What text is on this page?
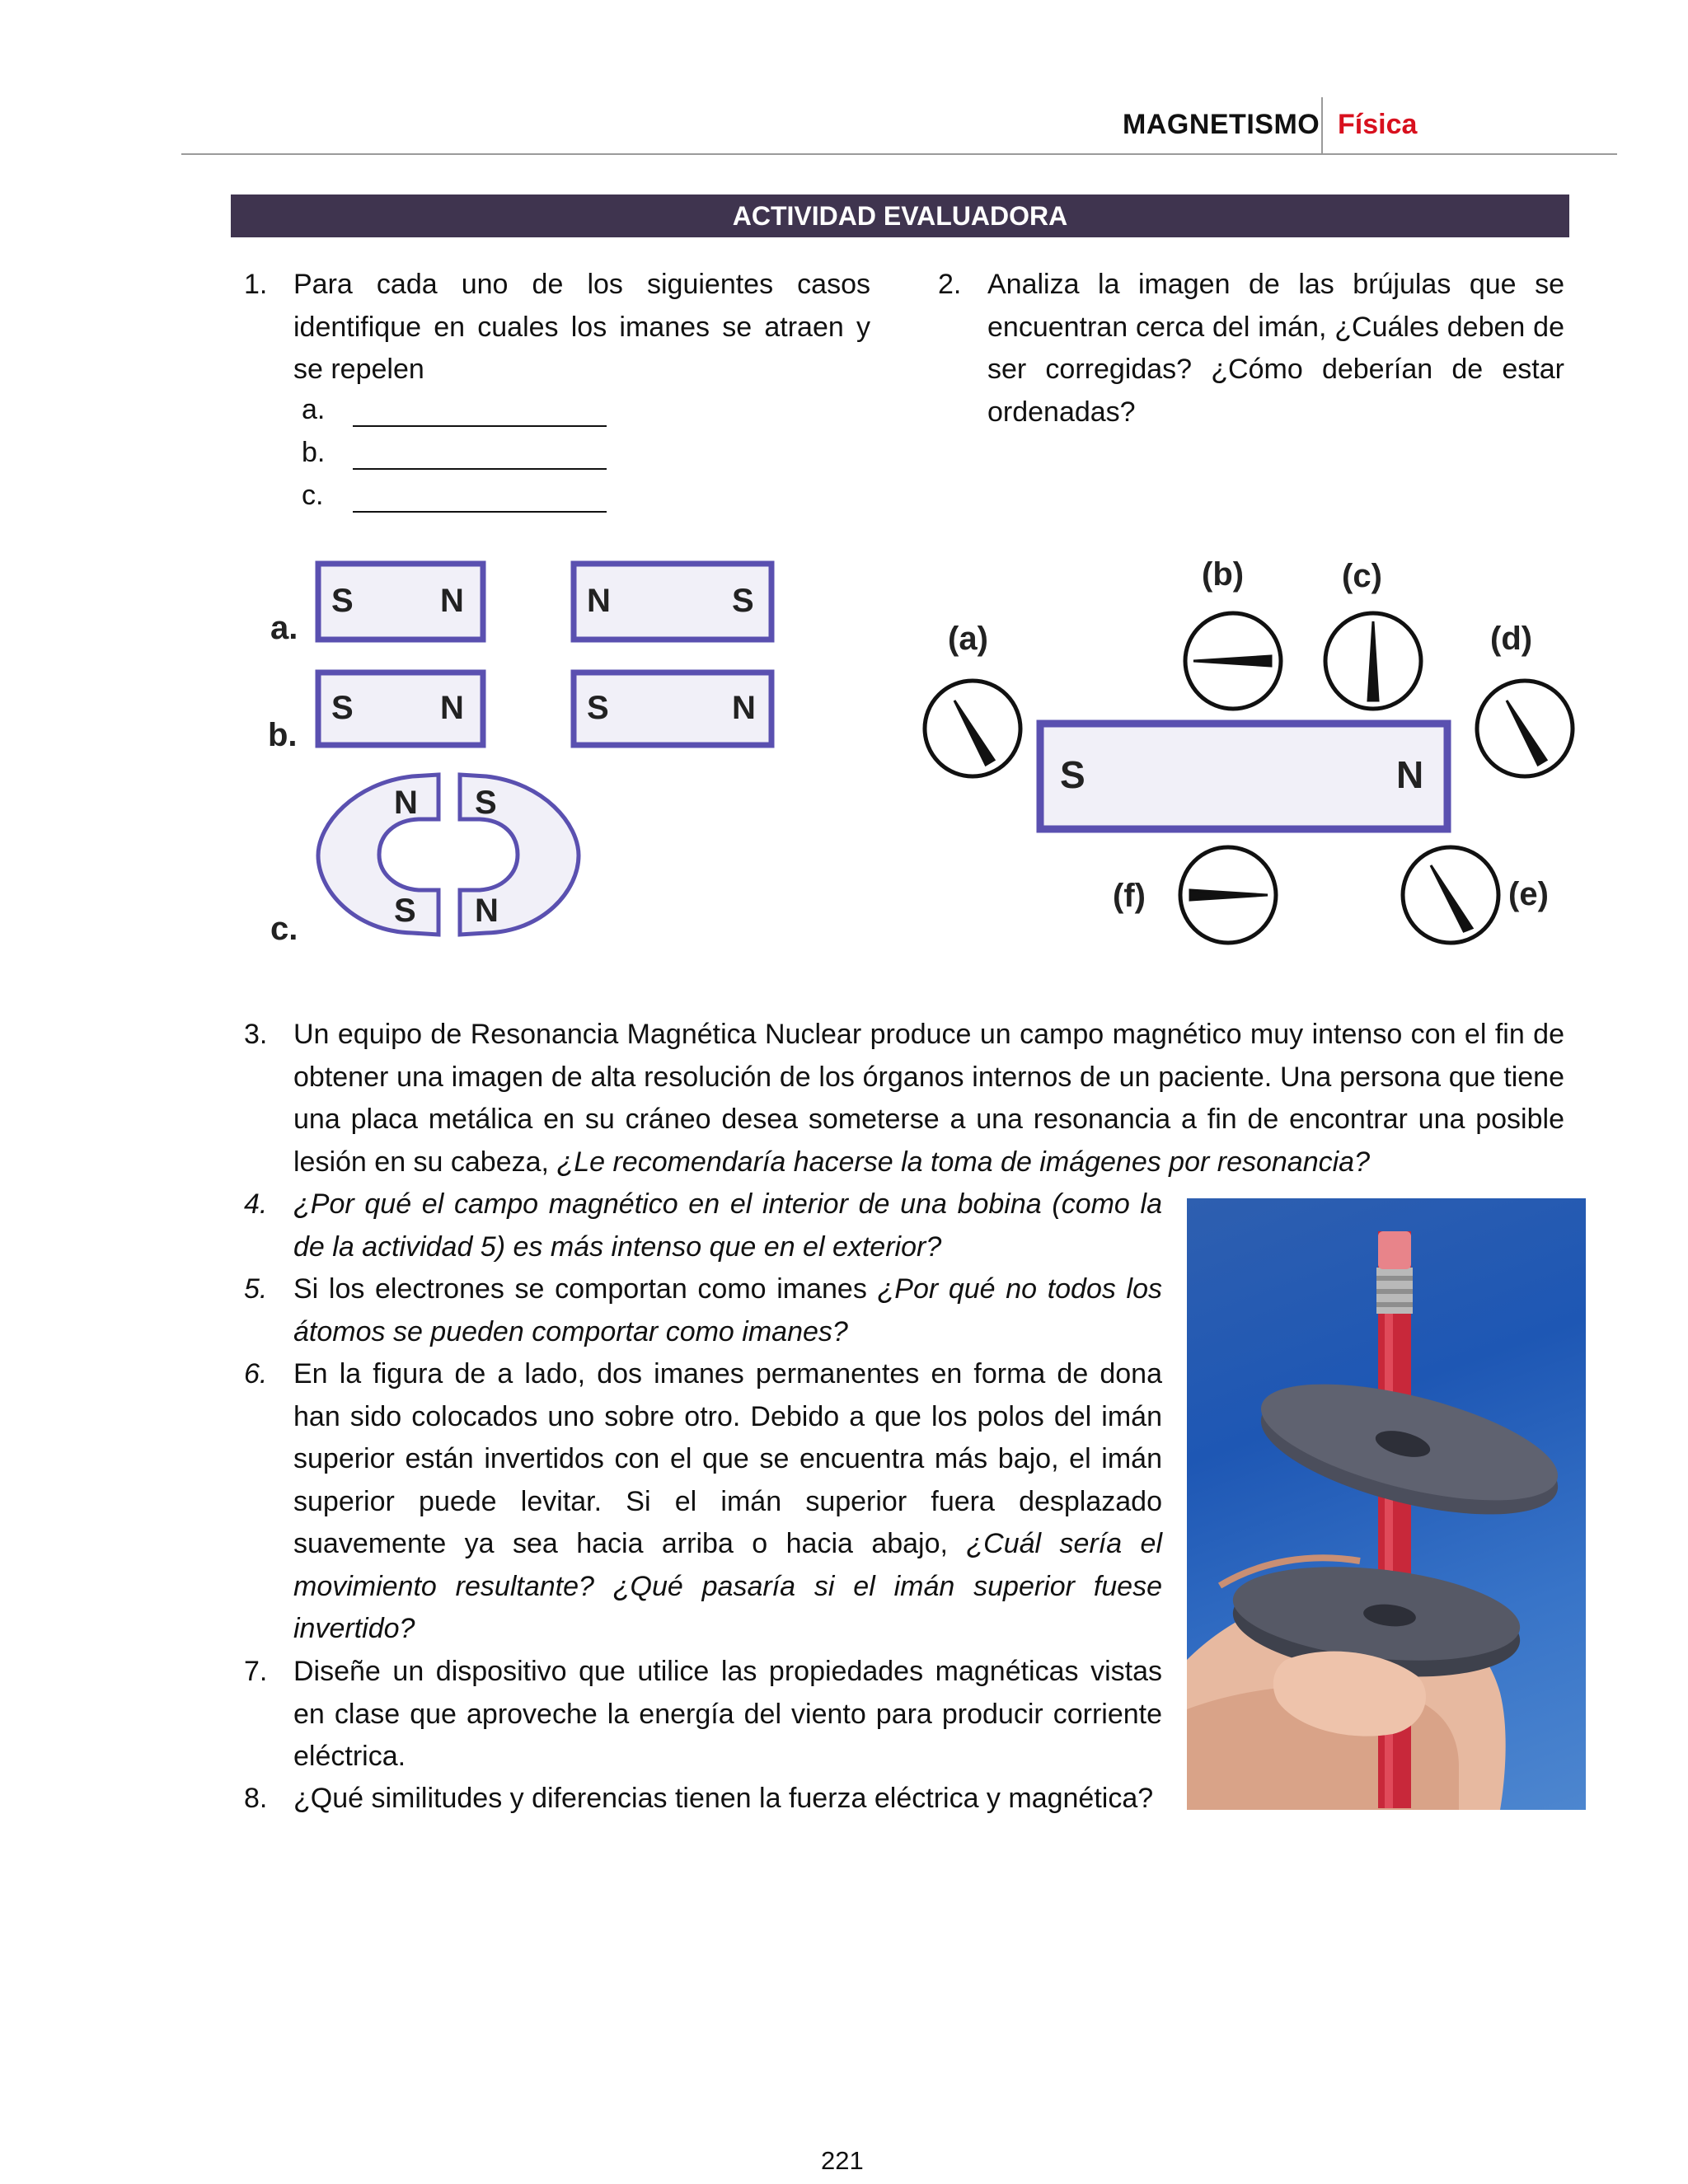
MAGNETISMO Física
ACTIVIDAD EVALUADORA
1. Para cada uno de los siguientes casos identifique en cuales los imanes se atraen y se repelen
a.
b.
c.
2. Analiza la imagen de las brújulas que se encuentran cerca del imán, ¿Cuáles deben de ser corregidas? ¿Cómo deberían de estar ordenadas?
a.
b.
c.
S	N	N	S
S	N	S	N
N S
S N
S	N
(a)
(b)	(c)
(d)
(e)
(f)
3. Un equipo de Resonancia Magnética Nuclear produce un campo magnético muy intenso con el fin de obtener una imagen de alta resolución de los órganos internos de un paciente. Una persona que tiene una placa metálica en su cráneo desea someterse a una resonancia a fin de encontrar una posible lesión en su cabeza, ¿Le recomendaría hacerse la toma de imágenes por resonancia?
4. ¿Por qué el campo magnético en el interior de una bobina (como la de la actividad 5) es más intenso que en el exterior?
5. Si los electrones se comportan como imanes ¿Por qué no todos los átomos se pueden comportar como imanes?
6. En la figura de a lado, dos imanes permanentes en forma de dona han sido colocados uno sobre otro. Debido a que los polos del imán superior están invertidos con el que se encuentra más bajo, el imán superior puede levitar. Si el imán superior fuera desplazado suavemente ya sea hacia arriba o hacia abajo, ¿Cuál sería el movimiento resultante? ¿Qué pasaría si el imán superior fuese invertido?
7. Diseñe un dispositivo que utilice las propiedades magnéticas vistas en clase que aproveche la energía del viento para producir corriente eléctrica.
8. ¿Qué similitudes y diferencias tienen la fuerza eléctrica y magnética?
221
